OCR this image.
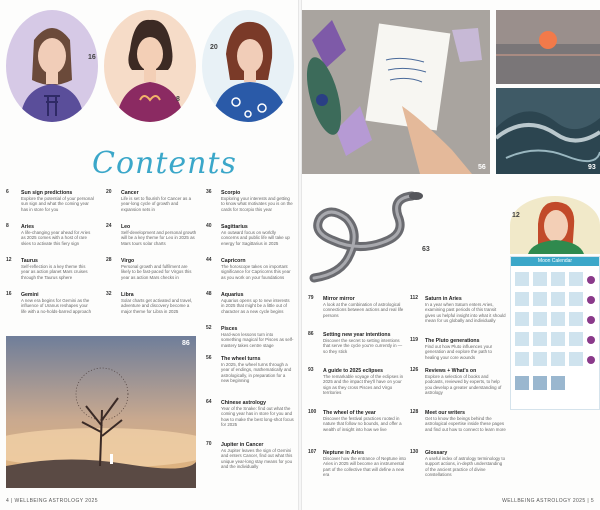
16
8
20
Contents
6 Sun sign predictions
Explore the potential of your personal sun sign and what the coming year has in store for you
8 Aries
A life-changing year ahead for Aries as 2025 comes with a host of rare skies to activate this fiery sign
12 Taurus
Self-reflection is a key theme this year as action planet Mars cruises through the Taurus sphere
16 Gemini
A new era begins for Gemini as the influence of Uranus reshapes your life with a no-holds-barred approach
20 Cancer
Life is set to flourish for Cancer as a year-long cycle of growth and expansion sets in
24 Leo
Self-development and personal growth will be a key theme for Leo in 2025 as Mars tours solar charts
28 Virgo
Personal growth and fulfilment are likely to be fast-paced for Virgos this year as action Mars checks in
32 Libra
Solar charts get activated and travel, adventure and discovery become a major theme for Libra in 2025
52 Pisces
Hard-won lessons turn into something magical for Pisces as self-mastery takes centre stage
56 The wheel turns
In 2025, the wheel turns through a year of endings, mathematically and astrologically, in preparation for a new beginning
64 Chinese astrology
Year of the Snake: find out what the coming year has in store for you and how to make the best long-shot focus for 2025
70 Jupiter in Cancer
As Jupiter leaves the sign of Gemini and enters Cancer, find out what this unique year-long stay means for you and the individually
36 Scorpio
Exploring your interests and getting to know what motivates you is on the cards for Scorpio this year
40 Sagittarius
An outward focus on worldly concerns and public life will take up energy for Sagittarius in 2025
44 Capricorn
The horoscope takes on important significance for Capricorns this year as you work on your foundations
48 Aquarius
Aquarius opens up to new interests in 2025 that might be a little out of character as a new cycle begins
86
4 | WELLBEING ASTROLOGY 2025
56	93
63
12
Moon Calendar
79 Mirror mirror
A look at the combination of astrological connections between actions and real life persons
86 Setting new year intentions
Discover the secret to setting intentions that serve the cycle you're currently in — so they stick
93 A guide to 2025 eclipses
The remarkable voyage of the eclipses in 2025 and the impact they'll have on your sign as they cross Pisces and Virgo territories
100 The wheel of the year
Discover the festival practices rooted in nature that follow no bounds, and offer a wealth of insight into how we live
107 Neptune in Aries
Discover how the entrance of Neptune into Aries in 2025 will become an instrumental part of the collective that will define a new era
112 Saturn in Aries
In a year when Saturn enters Aries, examining past periods of this transit gives us helpful insight into what it should mean for us globally and individually
119 The Pluto generations
Find out how Pluto influences your generation and explore the path to healing your core wounds
126 Reviews + What's on
Explore a selection of books and podcasts, reviewed by experts, to help you develop a greater understanding of astrology
128 Meet our writers
Get to know the beings behind the astrological expertise inside these pages and find out how to connect to learn more
130 Glossary
A useful index of astrology terminology to support actions, in-depth understanding of the ancient practice of divine constellations
WELLBEING ASTROLOGY 2025 | 5
